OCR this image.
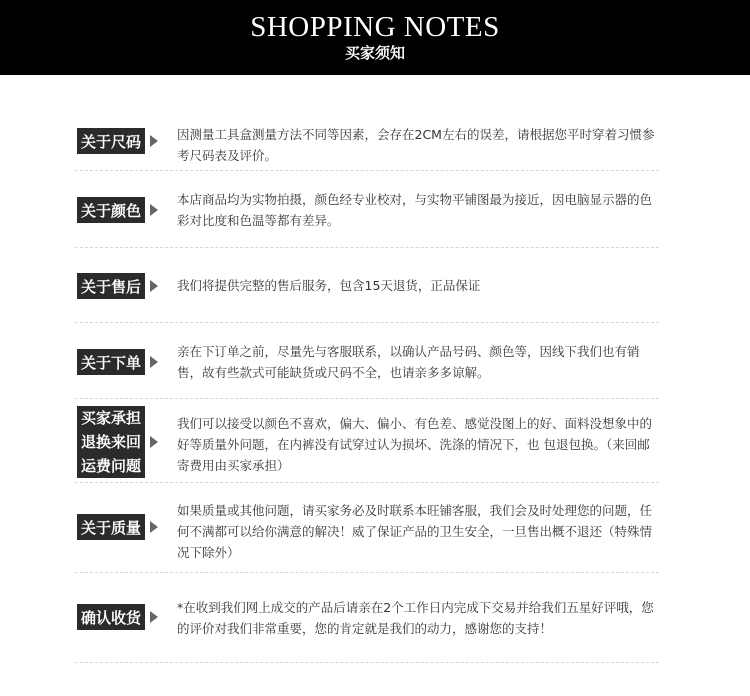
SHOPPING NOTES
买家须知
关于尺码	因测量工具盒测量方法不同等因素，会存在2CM左右的误差，请根据您平时穿着习惯参考尺码表及评价。
关于颜色
本店商品均为实物拍摄，颜色经专业校对，与实物平铺图最为接近，因电脑显示器的色彩对比度和色温等都有差异。
关于售后	我们将提供完整的售后服务，包含15天退货，正品保证
关于下单
亲在下订单之前，尽量先与客服联系，以确认产品号码、颜色等，因线下我们也有销售，故有些款式可能缺货或尺码不全，也请亲多多谅解。
买家承担
退换来回
运费问题
我们可以接受以颜色不喜欢，偏大、偏小、有色差、感觉没图上的好、面料没想象中的好等质量外问题，在内裤没有试穿过认为损坏、洗涤的情况下，也 包退包换。（来回邮寄费用由买家承担）
关于质量
如果质量或其他问题，请买家务必及时联系本旺铺客服，我们会及时处理您的问题，任何不满都可以给你满意的解决！威了保证产品的卫生安全，一旦售出概不退还（特殊情况下除外）
确认收货
*在收到我们网上成交的产品后请亲在2个工作日内完成下交易并给我们五星好评哦，您的评价对我们非常重要，您的肯定就是我们的动力，感谢您的支持！
